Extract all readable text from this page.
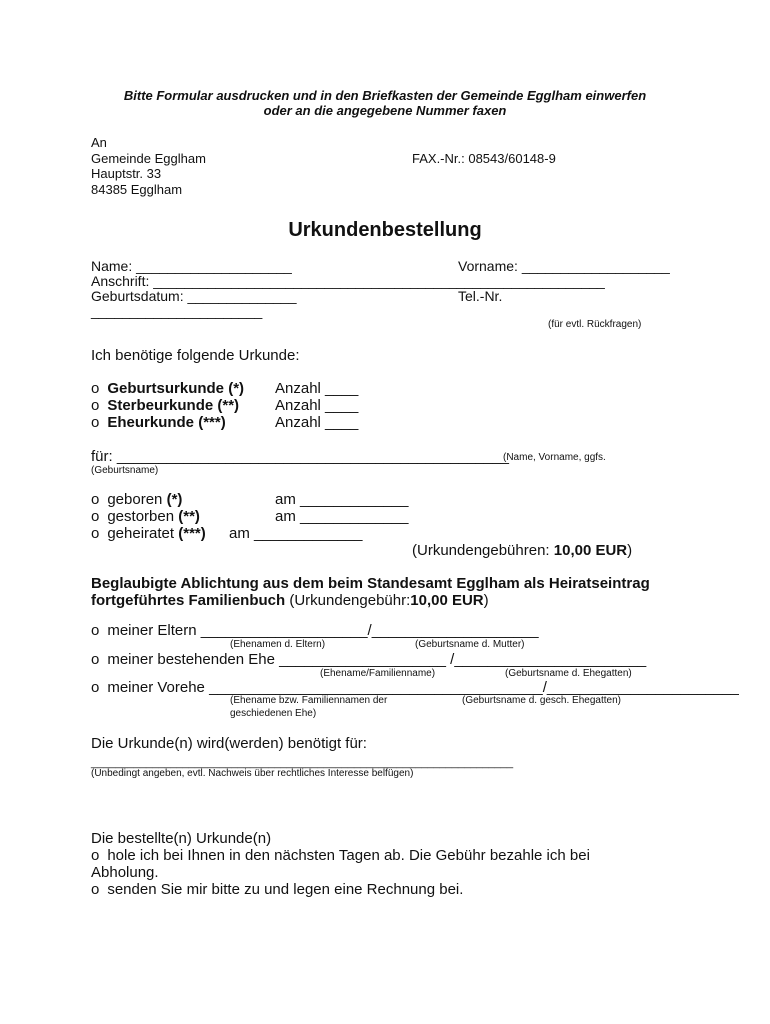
Bitte Formular ausdrucken und in den Briefkasten der Gemeinde Egglham einwerfen
oder an die angegebene Nummer faxen
An
Gemeinde Egglham
Hauptstr. 33
84385 Egglham
FAX.-Nr.: 08543/60148-9
Urkundenbestellung
Name: ____________________	Vorname: ___________________
Anschrift: __________________________________________________________
Geburtsdatum: ______________	Tel.-Nr.
______________________
(für evtl. Rückfragen)
Ich benötige folgende Urkunde:
o Geburtsurkunde (*) Anzahl ____
o Sterbeurkunde (**) Anzahl ____
o Eheurkunde (***)	Anzahl ____
für: _______________________________________________
(Name, Vorname, ggfs.
(Geburtsname)
o geboren (*)	am _____________
o gestorben (**)	am _____________
o geheiratet (***) am _____________
(Urkundengebühren: 10,00 EUR)
Beglaubigte Ablichtung aus dem beim Standesamt Egglham als Heiratseintrag
fortgeführtes Familienbuch (Urkundengebühr:10,00 EUR)
o meiner Eltern ____________________/____________________
(Ehenamen d. Eltern)	(Geburtsname d. Mutter)
o meiner bestehenden Ehe ____________________ /_______________________
(Ehename/Familienname)	(Geburtsname d. Ehegatten)
o meiner Vorehe ________________________________________/_______________________
(Ehename bzw. Familiennamen der
geschiedenen Ehe)
(Geburtsname d. gesch. Ehegatten)
Die Urkunde(n) wird(werden) benötigt für:
_____________________________________________________________________
(Unbedingt angeben, evtl. Nachweis über rechtliches Interesse belfügen)
Die bestellte(n) Urkunde(n)
o hole ich bei Ihnen in den nächsten Tagen ab. Die Gebühr bezahle ich bei
Abholung.
o senden Sie mir bitte zu und legen eine Rechnung bei.
